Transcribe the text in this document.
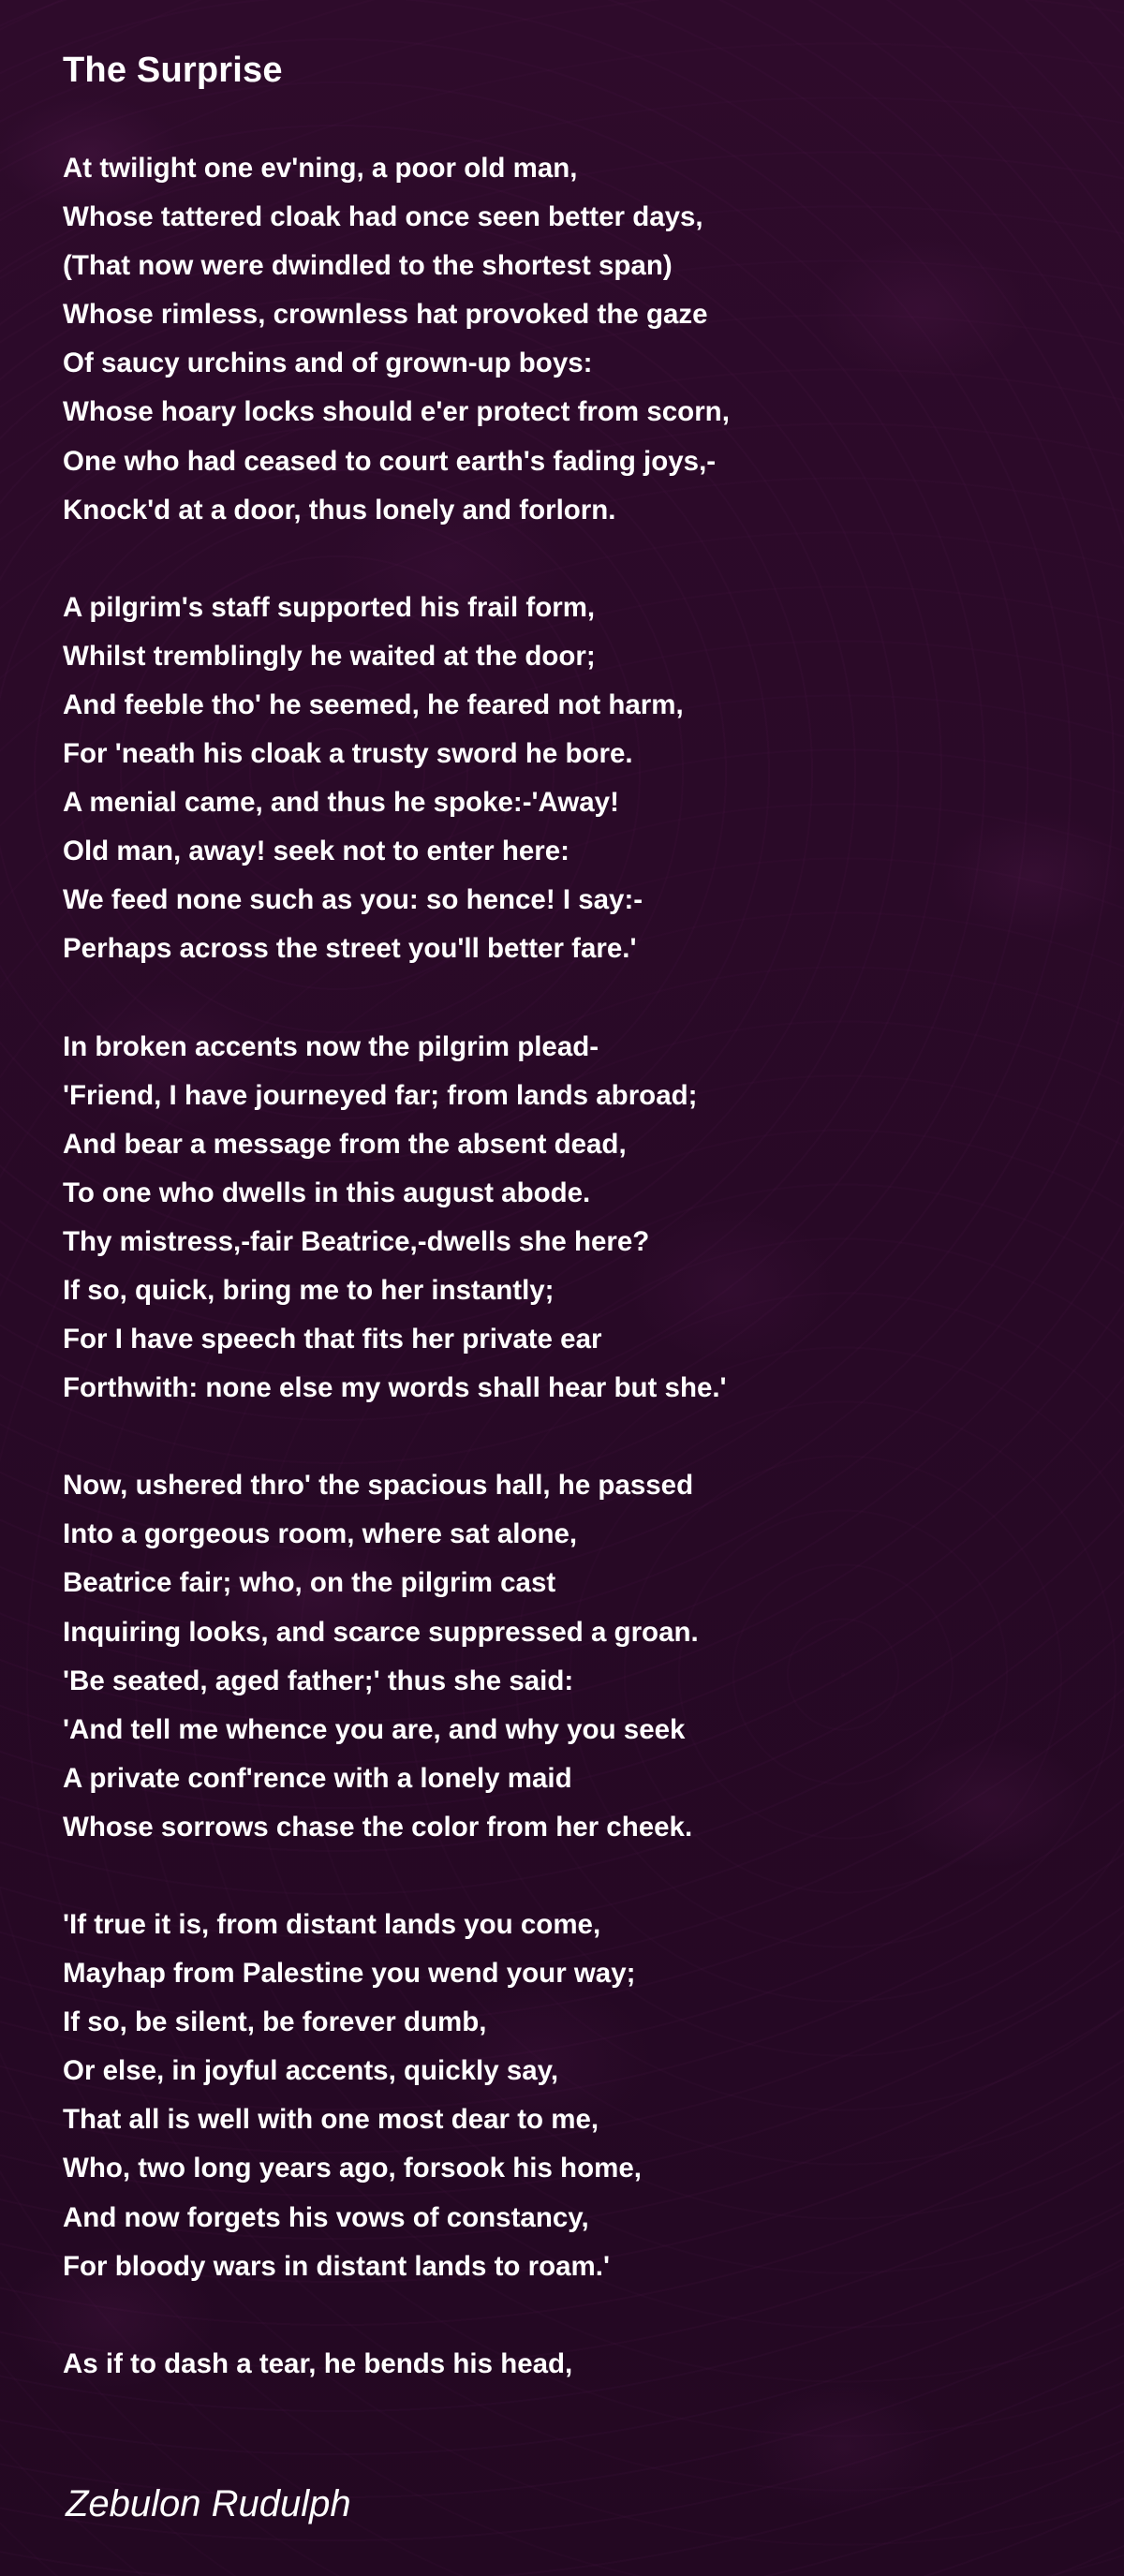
The Surprise
At twilight one ev'ning, a poor old man,
Whose tattered cloak had once seen better days,
(That now were dwindled to the shortest span)
Whose rimless, crownless hat provoked the gaze
Of saucy urchins and of grown-up boys:
Whose hoary locks should e'er protect from scorn,
One who had ceased to court earth's fading joys,-
Knock'd at a door, thus lonely and forlorn.
A pilgrim's staff supported his frail form,
Whilst tremblingly he waited at the door;
And feeble tho' he seemed, he feared not harm,
For 'neath his cloak a trusty sword he bore.
A menial came, and thus he spoke:-'Away!
Old man, away! seek not to enter here:
We feed none such as you: so hence! I say:-
Perhaps across the street you'll better fare.'
In broken accents now the pilgrim plead-
'Friend, I have journeyed far; from lands abroad;
And bear a message from the absent dead,
To one who dwells in this august abode.
Thy mistress,-fair Beatrice,-dwells she here?
If so, quick, bring me to her instantly;
For I have speech that fits her private ear
Forthwith: none else my words shall hear but she.'
Now, ushered thro' the spacious hall, he passed
Into a gorgeous room, where sat alone,
Beatrice fair; who, on the pilgrim cast
Inquiring looks, and scarce suppressed a groan.
'Be seated, aged father;' thus she said:
'And tell me whence you are, and why you seek
A private conf'rence with a lonely maid
Whose sorrows chase the color from her cheek.
'If true it is, from distant lands you come,
Mayhap from Palestine you wend your way;
If so, be silent, be forever dumb,
Or else, in joyful accents, quickly say,
That all is well with one most dear to me,
Who, two long years ago, forsook his home,
And now forgets his vows of constancy,
For bloody wars in distant lands to roam.'
As if to dash a tear, he bends his head,
Zebulon Rudulph
